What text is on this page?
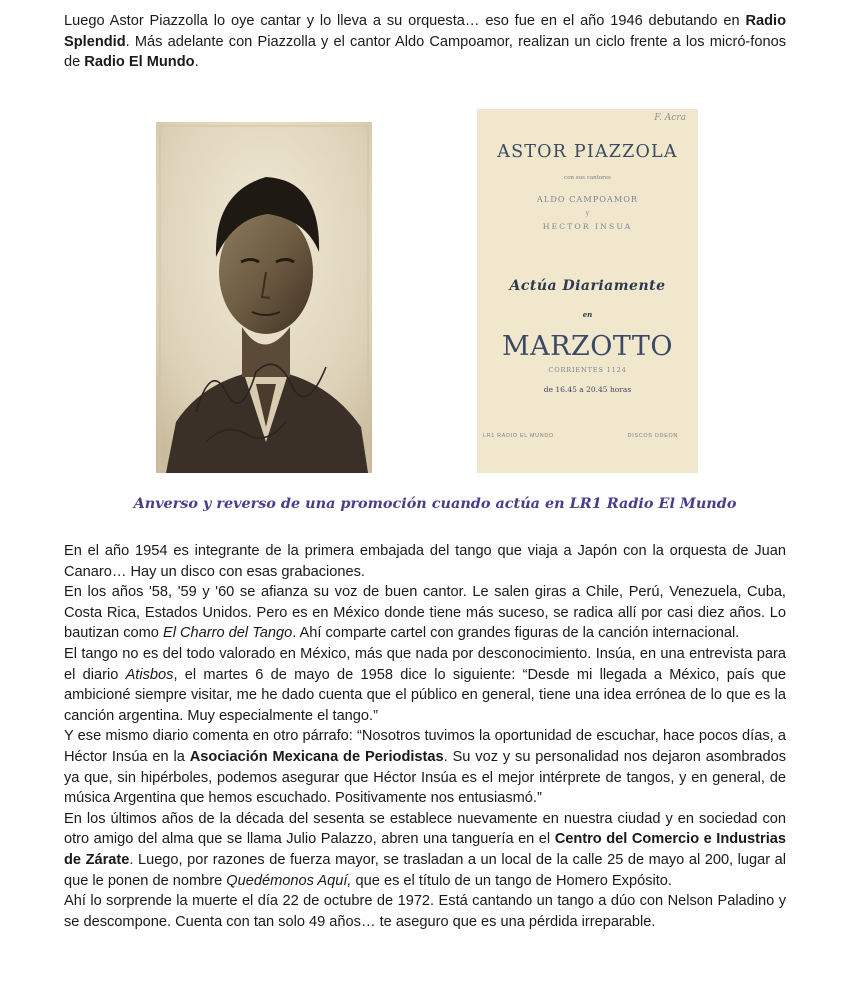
Luego Astor Piazzolla lo oye cantar y lo lleva a su orquesta… eso fue en el año 1946 debutando en Radio Splendid. Más adelante con Piazzolla y el cantor Aldo Campoamor, realizan un ciclo frente a los micró-fonos de Radio El Mundo.

F. Acra
ASTOR PIAZZOLA
con sus cantores
ALDO CAMPOAMOR
y
HECTOR INSUA
Actúa Diariamente
en
MARZOTTO
CORRIENTES 1124
de 16.45 a 20.45 horas
LR1 RADIO EL MUNDO	DISCOS ODEON
Anverso y reverso de una promoción cuando actúa en LR1 Radio El Mundo
En el año 1954 es integrante de la primera embajada del tango que viaja a Japón con la orquesta de Juan Canaro… Hay un disco con esas grabaciones.
En los años '58, '59 y '60 se afianza su voz de buen cantor. Le salen giras a Chile, Perú, Venezuela, Cuba, Costa Rica, Estados Unidos. Pero es en México donde tiene más suceso, se radica allí por casi diez años. Lo bautizan como El Charro del Tango. Ahí comparte cartel con grandes figuras de la canción internacional.
El tango no es del todo valorado en México, más que nada por desconocimiento. Insúa, en una entrevista para el diario Atisbos, el martes 6 de mayo de 1958 dice lo siguiente: “Desde mi llegada a México, país que ambicioné siempre visitar, me he dado cuenta que el público en general, tiene una idea errónea de lo que es la canción argentina. Muy especialmente el tango.”
Y ese mismo diario comenta en otro párrafo: “Nosotros tuvimos la oportunidad de escuchar, hace pocos días, a Héctor Insúa en la Asociación Mexicana de Periodistas. Su voz y su personalidad nos dejaron asombrados ya que, sin hipérboles, podemos asegurar que Héctor Insúa es el mejor intérprete de tangos, y en general, de música Argentina que hemos escuchado. Positivamente nos entusiasmó.”
En los últimos años de la década del sesenta se establece nuevamente en nuestra ciudad y en sociedad con otro amigo del alma que se llama Julio Palazzo, abren una tanguería en el Centro del Comercio e Industrias de Zárate. Luego, por razones de fuerza mayor, se trasladan a un local de la calle 25 de mayo al 200, lugar al que le ponen de nombre Quedémonos Aquí, que es el título de un tango de Homero Expósito.
Ahí lo sorprende la muerte el día 22 de octubre de 1972. Está cantando un tango a dúo con Nelson Paladino y se descompone. Cuenta con tan solo 49 años… te aseguro que es una pérdida irreparable.
